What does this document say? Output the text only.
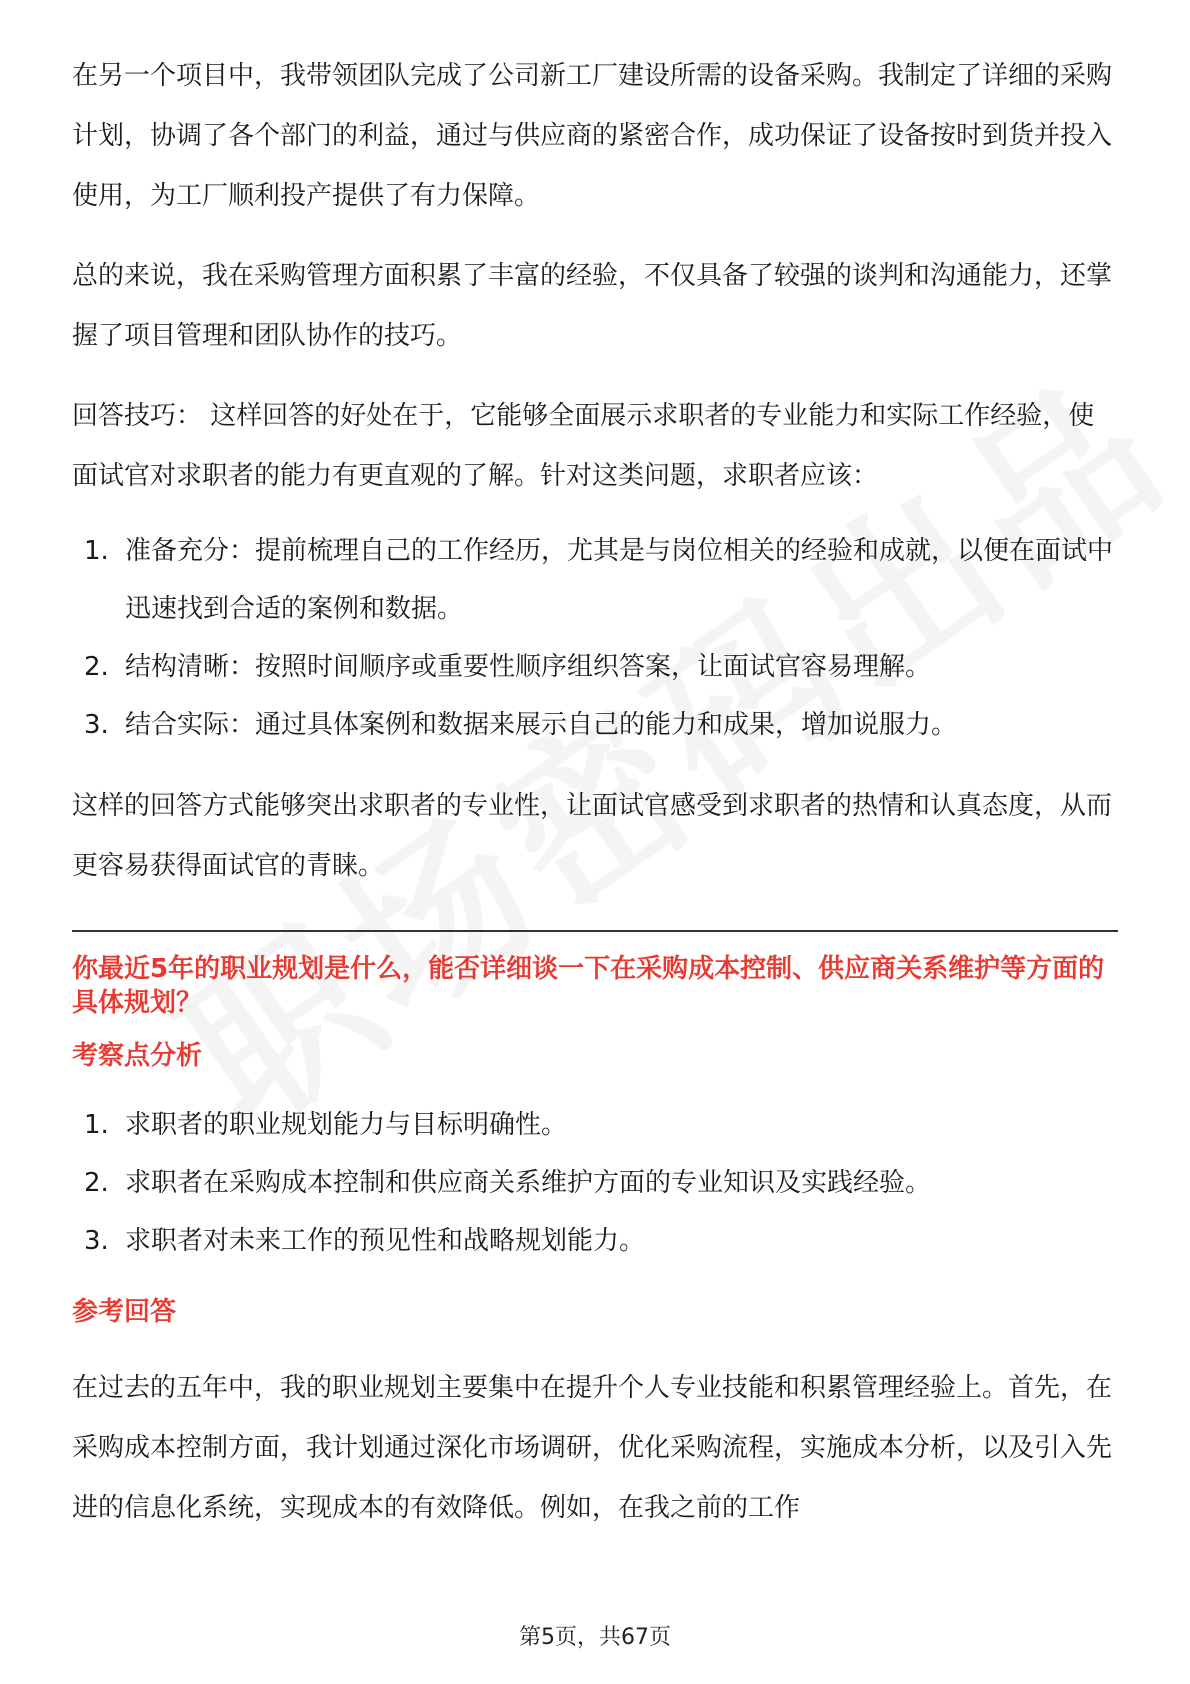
在另一个项目中，我带领团队完成了公司新工厂建设所需的设备采购。我制定了详细的采购计划，协调了各个部门的利益，通过与供应商的紧密合作，成功保证了设备按时到货并投入使用，为工厂顺利投产提供了有力保障。

总的来说，我在采购管理方面积累了丰富的经验，不仅具备了较强的谈判和沟通能力，还掌握了项目管理和团队协作的技巧。

回答技巧： 这样回答的好处在于，它能够全面展示求职者的专业能力和实际工作经验，使面试官对求职者的能力有更直观的了解。针对这类问题，求职者应该：

1. 准备充分：提前梳理自己的工作经历，尤其是与岗位相关的经验和成就，以便在面试中迅速找到合适的案例和数据。
2. 结构清晰：按照时间顺序或重要性顺序组织答案，让面试官容易理解。
3. 结合实际：通过具体案例和数据来展示自己的能力和成果，增加说服力。

这样的回答方式能够突出求职者的专业性，让面试官感受到求职者的热情和认真态度，从而更容易获得面试官的青睐。

你最近5年的职业规划是什么，能否详细谈一下在采购成本控制、供应商关系维护等方面的具体规划？

考察点分析

1. 求职者的职业规划能力与目标明确性。
2. 求职者在采购成本控制和供应商关系维护方面的专业知识及实践经验。
3. 求职者对未来工作的预见性和战略规划能力。

参考回答

在过去的五年中，我的职业规划主要集中在提升个人专业技能和积累管理经验上。首先，在采购成本控制方面，我计划通过深化市场调研，优化采购流程，实施成本分析，以及引入先进的信息化系统，实现成本的有效降低。例如，在我之前的工作

第5页，共67页
